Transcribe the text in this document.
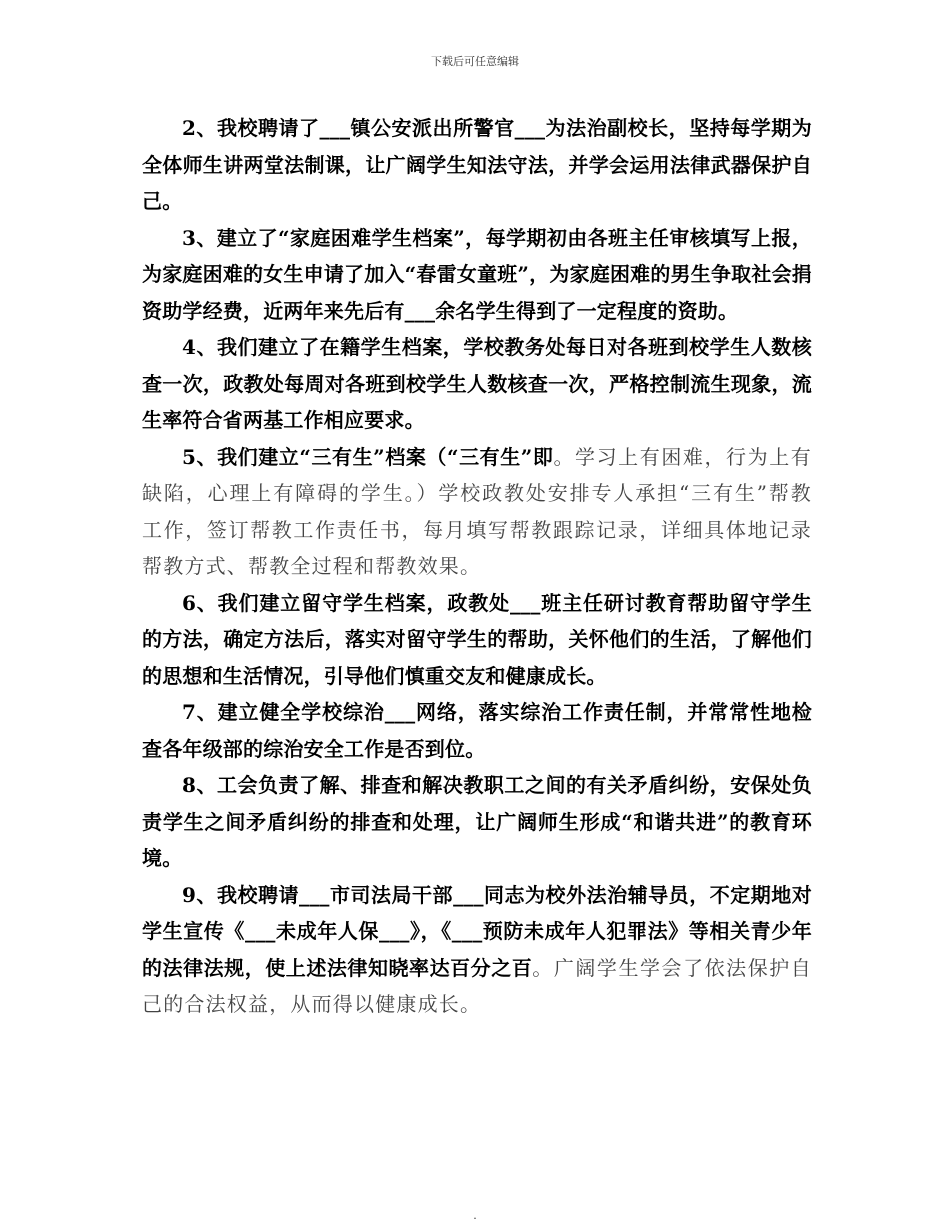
下载后可任意编辑

2、我校聘请了___镇公安派出所警官___为法治副校长，坚持每学期为全体师生讲两堂法制课，让广阔学生知法守法，并学会运用法律武器保护自己。

3、建立了“家庭困难学生档案”，每学期初由各班主任审核填写上报，为家庭困难的女生申请了加入“春雷女童班”，为家庭困难的男生争取社会捐资助学经费，近两年来先后有___余名学生得到了一定程度的资助。

4、我们建立了在籍学生档案，学校教务处每日对各班到校学生人数核查一次，政教处每周对各班到校学生人数核查一次，严格控制流生现象，流生率符合省两基工作相应要求。

5、我们建立“三有生”档案（“三有生”即。学习上有困难，行为上有缺陷，心理上有障碍的学生。）学校政教处安排专人承担“三有生”帮教工作，签订帮教工作责任书，每月填写帮教跟踪记录，详细具体地记录帮教方式、帮教全过程和帮教效果。

6、我们建立留守学生档案，政教处___班主任研讨教育帮助留守学生的方法，确定方法后，落实对留守学生的帮助，关怀他们的生活，了解他们的思想和生活情况，引导他们慎重交友和健康成长。

7、建立健全学校综治___网络，落实综治工作责任制，并常常性地检查各年级部的综治安全工作是否到位。

8、工会负责了解、排查和解决教职工之间的有关矛盾纠纷，安保处负责学生之间矛盾纠纷的排查和处理，让广阔师生形成“和谐共进”的教育环境。

9、我校聘请___市司法局干部___同志为校外法治辅导员，不定期地对学生宣传《___未成年人保___》，《___预防未成年人犯罪法》等相关青少年的法律法规，使上述法律知晓率达百分之百。广阔学生学会了依法保护自己的合法权益，从而得以健康成长。

.
